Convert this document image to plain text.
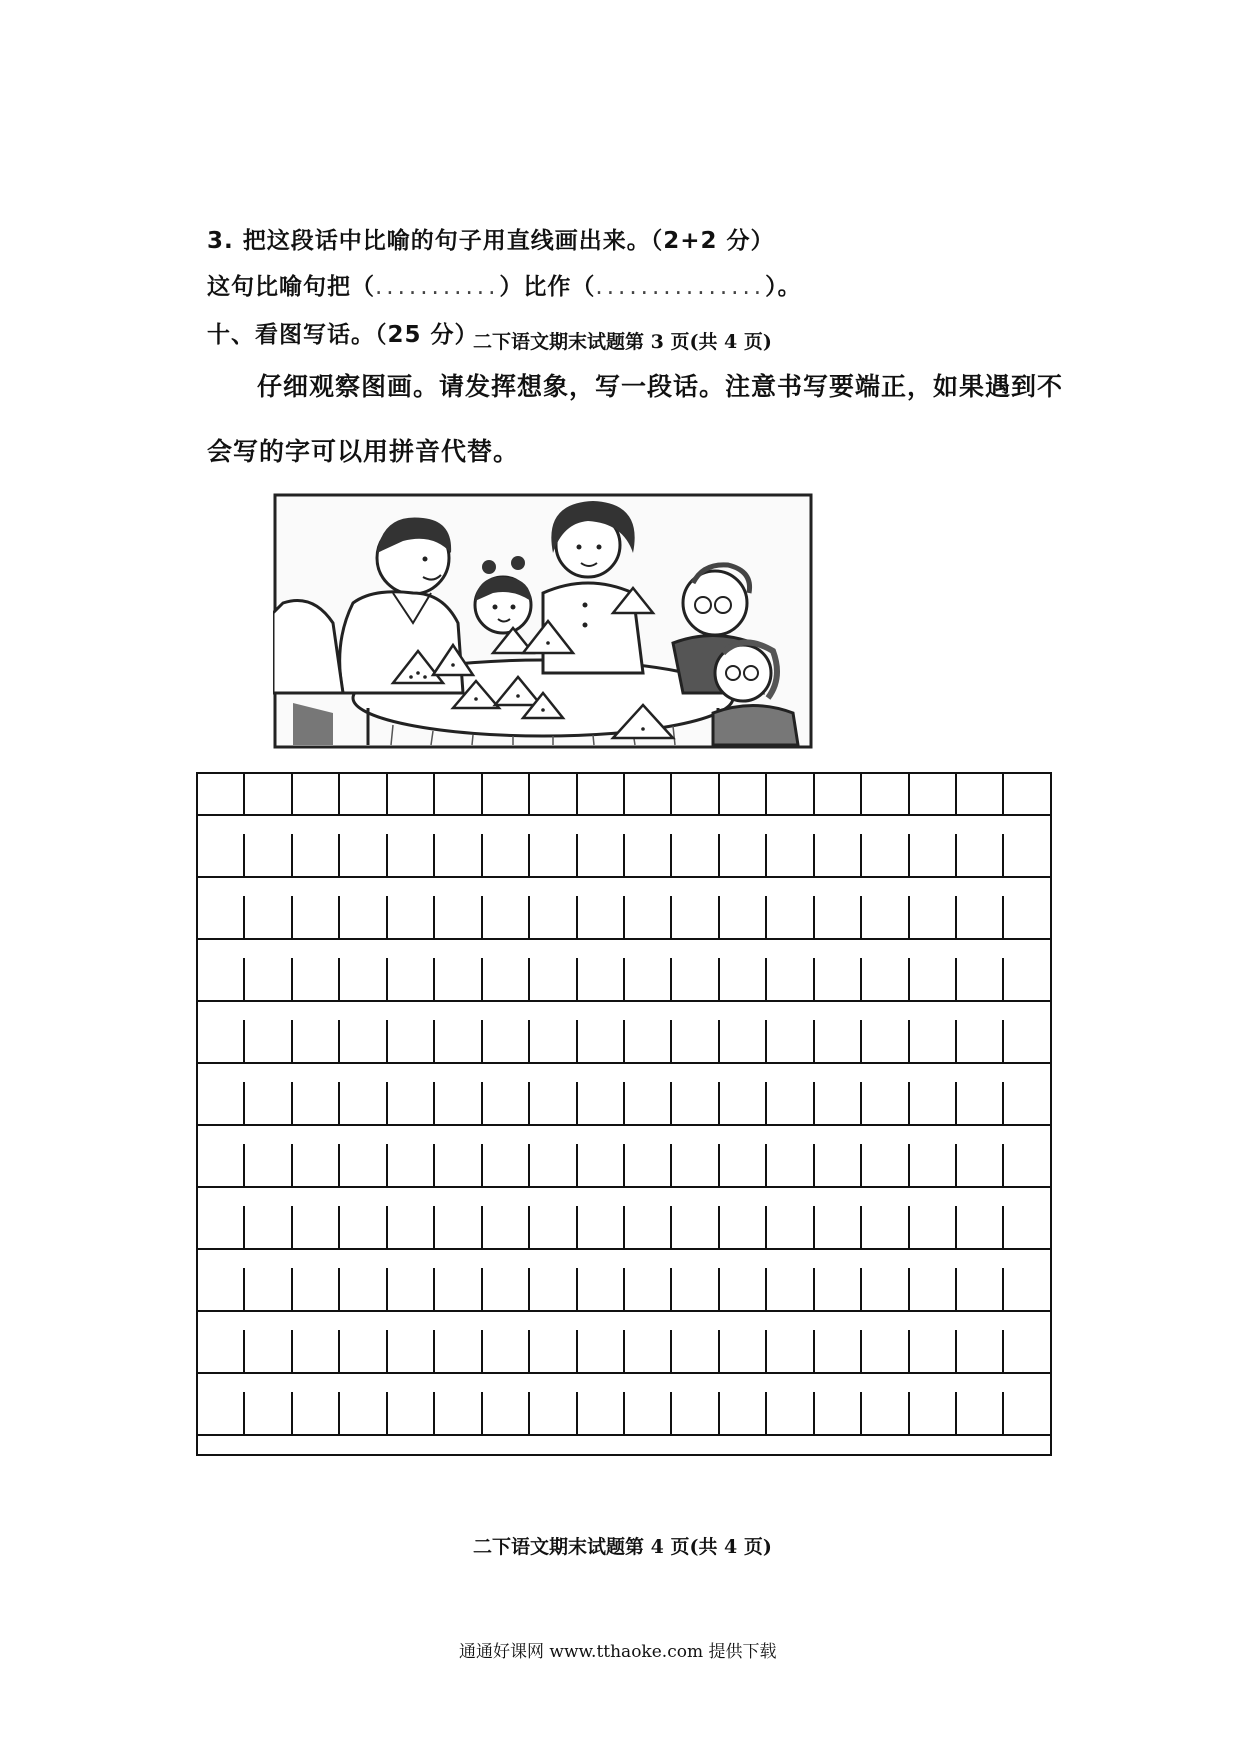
3. 把这段话中比喻的句子用直线画出来。（2+2 分）
这句比喻句把（...........）比作（...............）。
十、看图写话。（25 分）
二下语文期末试题第 3 页(共 4 页)
仔细观察图画。请发挥想象，写一段话。注意书写要端正，如果遇到不
会写的字可以用拼音代替。
二下语文期末试题第 4 页(共 4 页)
通通好课网 www.tthaoke.com 提供下载
